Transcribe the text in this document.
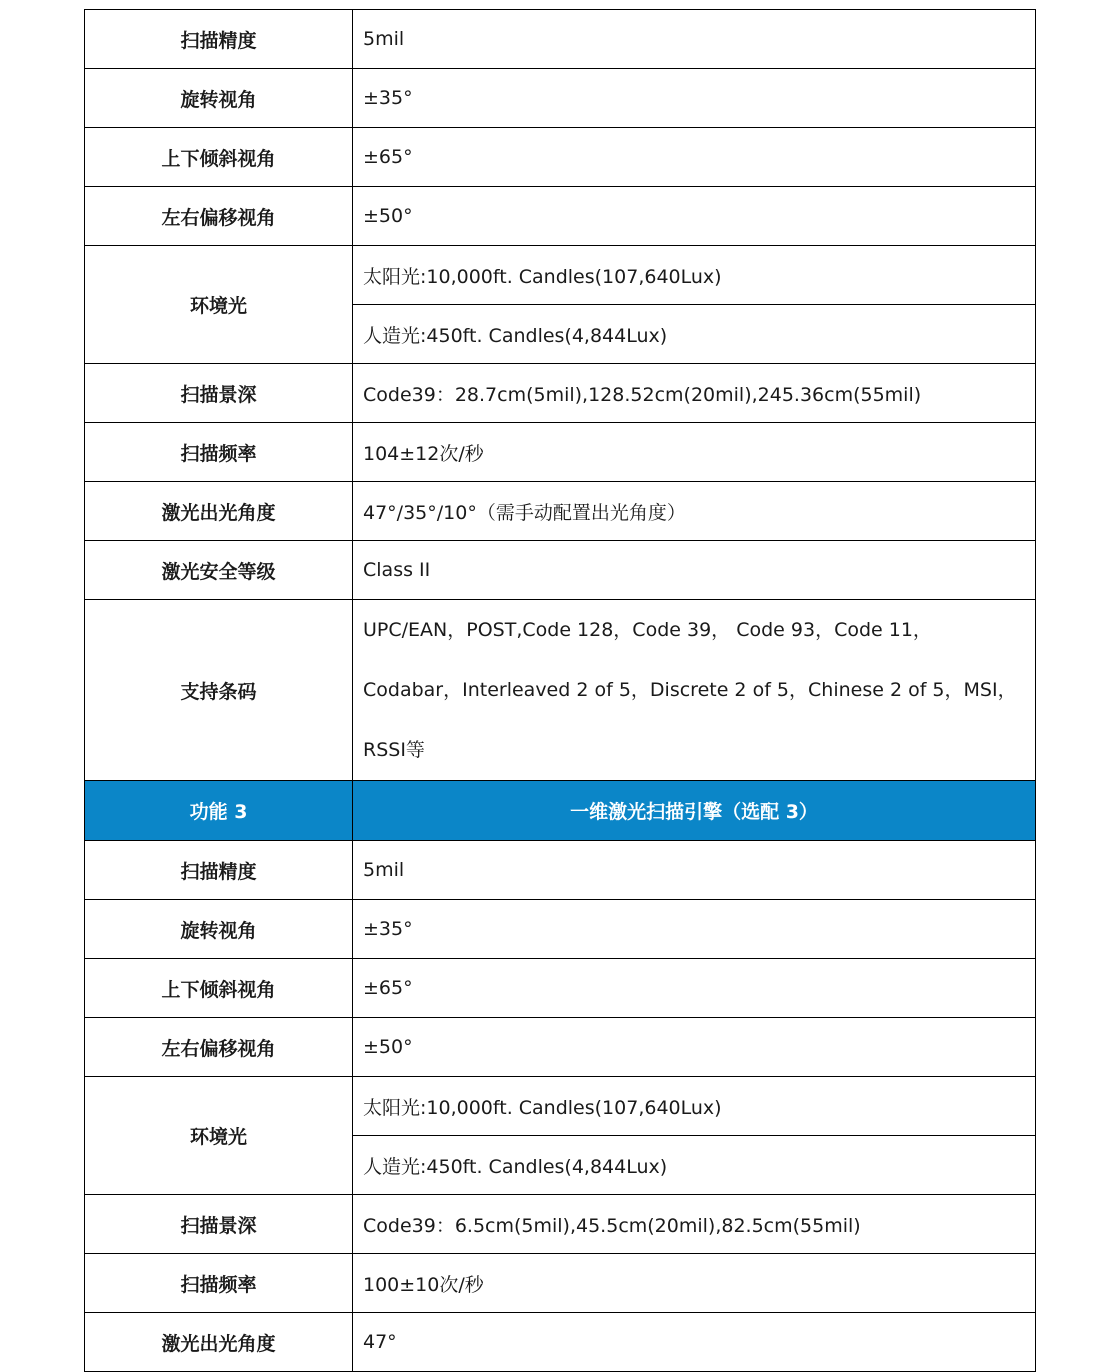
扫描精度	5mil
旋转视角	±35°
上下倾斜视角	±65°
左右偏移视角	±50°
环境光	太阳光:10,000ft. Candles(107,640Lux)
	人造光:450ft. Candles(4,844Lux)
扫描景深	Code39：28.7cm(5mil),128.52cm(20mil),245.36cm(55mil)
扫描频率	104±12次/秒
激光出光角度	47°/35°/10°（需手动配置出光角度）
激光安全等级	Class II
支持条码	UPC/EAN，POST,Code 128，Code 39， Code 93，Code 11，Codabar，Interleaved 2 of 5，Discrete 2 of 5，Chinese 2 of 5，MSI，RSSI等
功能 3	一维激光扫描引擎（选配 3）
扫描精度	5mil
旋转视角	±35°
上下倾斜视角	±65°
左右偏移视角	±50°
环境光	太阳光:10,000ft. Candles(107,640Lux)
	人造光:450ft. Candles(4,844Lux)
扫描景深	Code39：6.5cm(5mil),45.5cm(20mil),82.5cm(55mil)
扫描频率	100±10次/秒
激光出光角度	47°
